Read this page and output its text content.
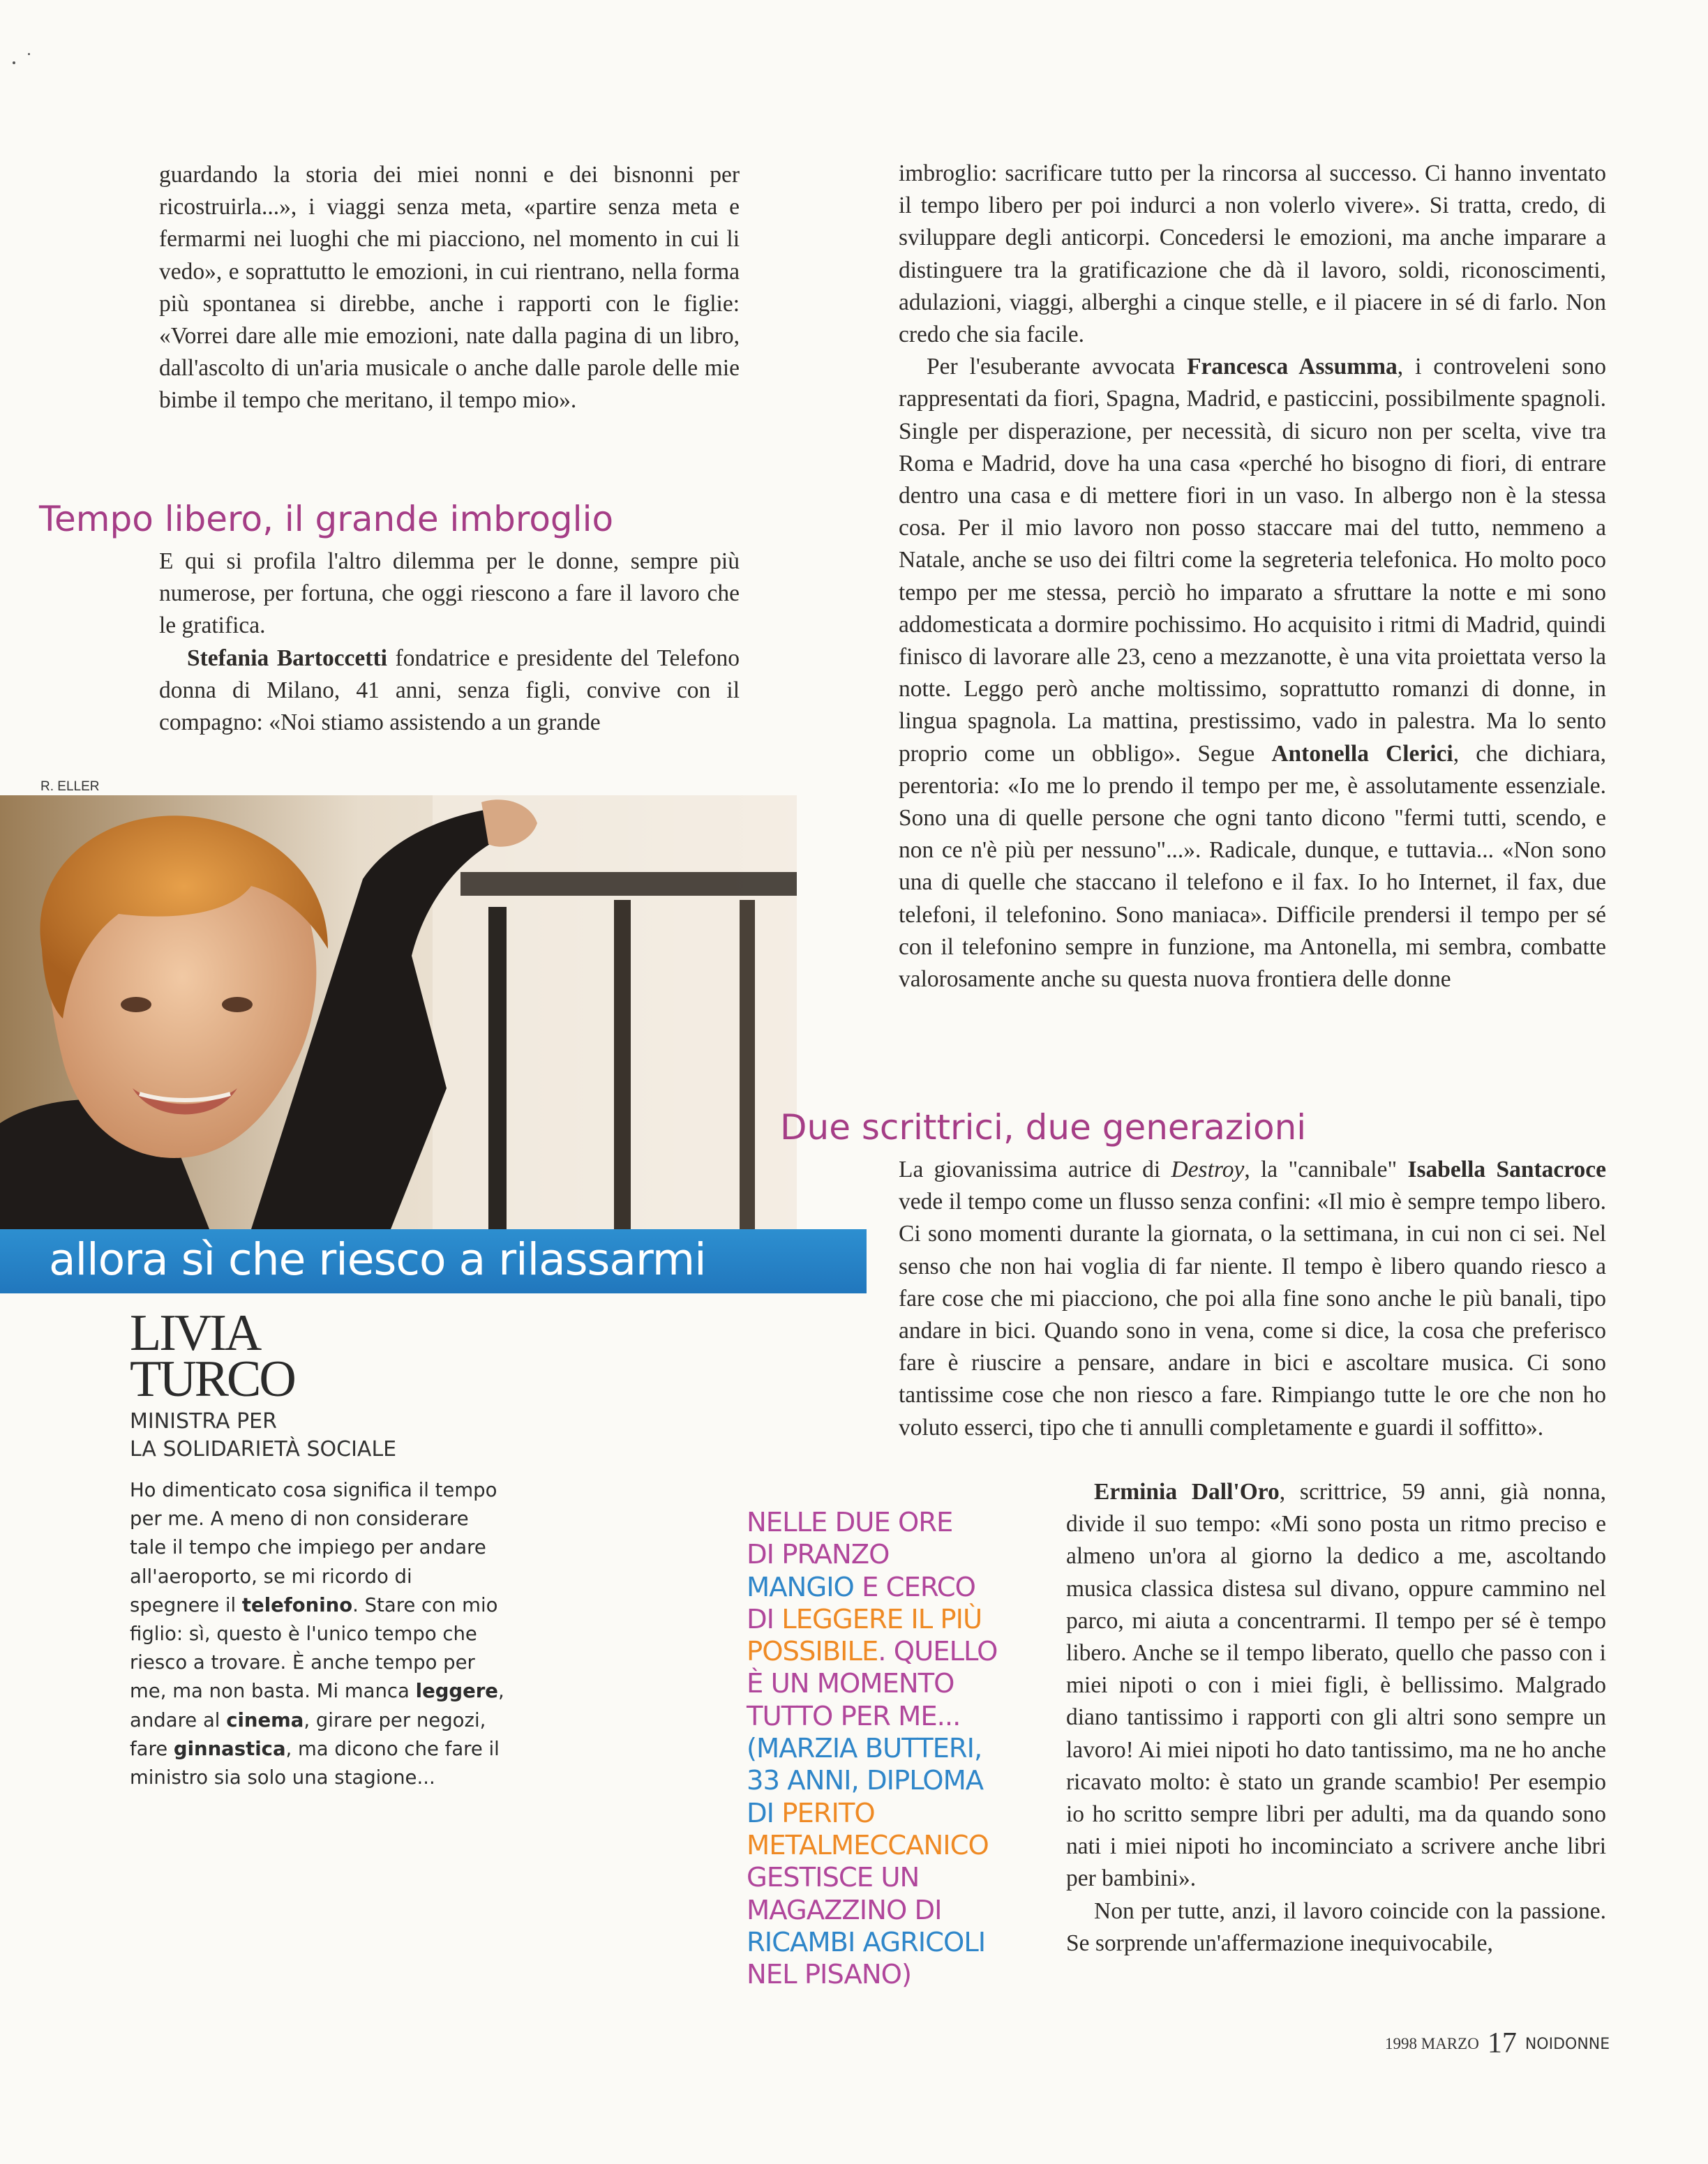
guardando la storia dei miei nonni e dei bisnonni per ricostruirla...», i viaggi senza meta, «partire senza meta e fermarmi nei luoghi che mi piacciono, nel momento in cui li vedo», e soprattutto le emozioni, in cui rientrano, nella forma più spontanea si direbbe, anche i rapporti con le figlie: «Vorrei dare alle mie emozioni, nate dalla pagina di un libro, dall'ascolto di un'aria musicale o anche dalle parole delle mie bimbe il tempo che meritano, il tempo mio».

Tempo libero, il grande imbroglio

E qui si profila l'altro dilemma per le donne, sempre più numerose, per fortuna, che oggi riescono a fare il lavoro che le gratifica.

Stefania Bartoccetti fondatrice e presidente del Telefono donna di Milano, 41 anni, senza figli, convive con il compagno: «Noi stiamo assistendo a un grande

R. ELLER
allora sì che riesco a rilassarmi
LIVIA
TURCO
MINISTRA PER
LA SOLIDARIETÀ SOCIALE

Ho dimenticato cosa significa il tempo per me. A meno di non considerare tale il tempo che impiego per andare all'aeroporto, se mi ricordo di spegnere il telefonino. Stare con mio figlio: sì, questo è l'unico tempo che riesco a trovare. È anche tempo per me, ma non basta. Mi manca leggere, andare al cinema, girare per negozi, fare ginnastica, ma dicono che fare il ministro sia solo una stagione...

NELLE DUE ORE
DI PRANZO
MANGIO E CERCO
DI LEGGERE IL PIÙ
POSSIBILE. QUELLO
È UN MOMENTO
TUTTO PER ME...
(MARZIA BUTTERI,
33 ANNI, DIPLOMA
DI PERITO
METALMECCANICO
GESTISCE UN
MAGAZZINO DI
RICAMBI AGRICOLI
NEL PISANO)

imbroglio: sacrificare tutto per la rincorsa al successo. Ci hanno inventato il tempo libero per poi indurci a non volerlo vivere». Si tratta, credo, di sviluppare degli anticorpi. Concedersi le emozioni, ma anche imparare a distinguere tra la gratificazione che dà il lavoro, soldi, riconoscimenti, adulazioni, viaggi, alberghi a cinque stelle, e il piacere in sé di farlo. Non credo che sia facile.

Per l'esuberante avvocata Francesca Assumma, i controveleni sono rappresentati da fiori, Spagna, Madrid, e pasticcini, possibilmente spagnoli. Single per disperazione, per necessità, di sicuro non per scelta, vive tra Roma e Madrid, dove ha una casa «perché ho bisogno di fiori, di entrare dentro una casa e di mettere fiori in un vaso. In albergo non è la stessa cosa. Per il mio lavoro non posso staccare mai del tutto, nemmeno a Natale, anche se uso dei filtri come la segreteria telefonica. Ho molto poco tempo per me stessa, perciò ho imparato a sfruttare la notte e mi sono addomesticata a dormire pochissimo. Ho acquisito i ritmi di Madrid, quindi finisco di lavorare alle 23, ceno a mezzanotte, è una vita proiettata verso la notte. Leggo però anche moltissimo, soprattutto romanzi di donne, in lingua spagnola. La mattina, prestissimo, vado in palestra. Ma lo sento proprio come un obbligo». Segue Antonella Clerici, che dichiara, perentoria: «Io me lo prendo il tempo per me, è assolutamente essenziale. Sono una di quelle persone che ogni tanto dicono "fermi tutti, scendo, e non ce n'è più per nessuno"...». Radicale, dunque, e tuttavia... «Non sono una di quelle che staccano il telefono e il fax. Io ho Internet, il fax, due telefoni, il telefonino. Sono maniaca». Difficile prendersi il tempo per sé con il telefonino sempre in funzione, ma Antonella, mi sembra, combatte valorosamente anche su questa nuova frontiera delle donne

Due scrittrici, due generazioni

La giovanissima autrice di Destroy, la "cannibale" Isabella Santacroce vede il tempo come un flusso senza confini: «Il mio è sempre tempo libero. Ci sono momenti durante la giornata, o la settimana, in cui non ci sei. Nel senso che non hai voglia di far niente. Il tempo è libero quando riesco a fare cose che mi piacciono, che poi alla fine sono anche le più banali, tipo andare in bici. Quando sono in vena, come si dice, la cosa che preferisco fare è riuscire a pensare, andare in bici e ascoltare musica. Ci sono tantissime cose che non riesco a fare. Rimpiango tutte le ore che non ho voluto esserci, tipo che ti annulli completamente e guardi il soffitto».

Erminia Dall'Oro, scrittrice, 59 anni, già nonna, divide il suo tempo: «Mi sono posta un ritmo preciso e almeno un'ora al giorno la dedico a me, ascoltando musica classica distesa sul divano, oppure cammino nel parco, mi aiuta a concentrarmi. Il tempo per sé è tempo libero. Anche se il tempo liberato, quello che passo con i miei nipoti o con i miei figli, è bellissimo. Malgrado diano tantissimo i rapporti con gli altri sono sempre un lavoro! Ai miei nipoti ho dato tantissimo, ma ne ho anche ricavato molto: è stato un grande scambio! Per esempio io ho scritto sempre libri per adulti, ma da quando sono nati i miei nipoti ho incominciato a scrivere anche libri per bambini».

Non per tutte, anzi, il lavoro coincide con la passione. Se sorprende un'affermazione inequivocabile,

1998 MARZO 17 NOIDONNE
